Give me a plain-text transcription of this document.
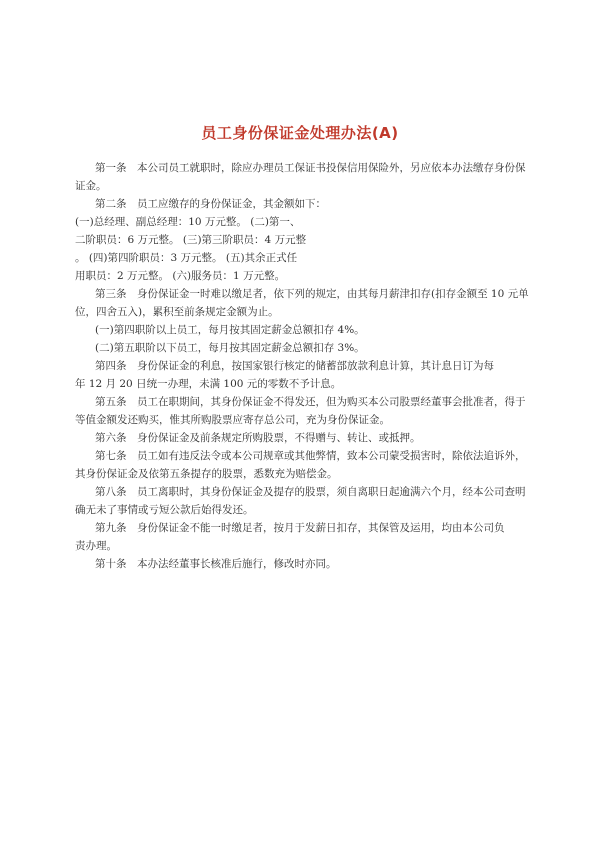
员工身份保证金处理办法(A)
第一条　本公司员工就职时，除应办理员工保证书投保信用保险外，另应依本办法缴存身份保
证金。
第二条　员工应缴存的身份保证金，其金额如下：
(一)总经理、副总经理：10 万元整。 (二)第一、
二阶职员：6 万元整。 (三)第三阶职员：4 万元整
。 (四)第四阶职员：3 万元整。 (五)其余正式任
用职员：2 万元整。 (六)服务员：1 万元整。
第三条　身份保证金一时难以缴足者，依下列的规定，由其每月薪津扣存(扣存金额至 10 元单
位，四舍五入)，累积至前条规定金额为止。
(一)第四职阶以上员工，每月按其固定薪金总额扣存 4%。
(二)第五职阶以下员工，每月按其固定薪金总额扣存 3%。
第四条　身份保证金的利息，按国家银行核定的储蓄部放款利息计算，其计息日订为每
年 12 月 20 日统一办理，未满 100 元的零数不予计息。
第五条　员工在职期间，其身份保证金不得发还，但为购买本公司股票经董事会批准者，得于
等值金额发还购买，惟其所购股票应寄存总公司，充为身份保证金。
第六条　身份保证金及前条规定所购股票，不得赠与、转让、或抵押。
第七条　员工如有违反法令或本公司规章或其他弊情，致本公司蒙受损害时，除依法追诉外，
其身份保证金及依第五条提存的股票，悉数充为赔偿金。
第八条　员工离职时，其身份保证金及提存的股票，须自离职日起逾满六个月，经本公司查明
确无未了事情或亏短公款后始得发还。
第九条　身份保证金不能一时缴足者，按月于发薪日扣存，其保管及运用，均由本公司负
责办理。
第十条　本办法经董事长核准后施行，修改时亦同。
